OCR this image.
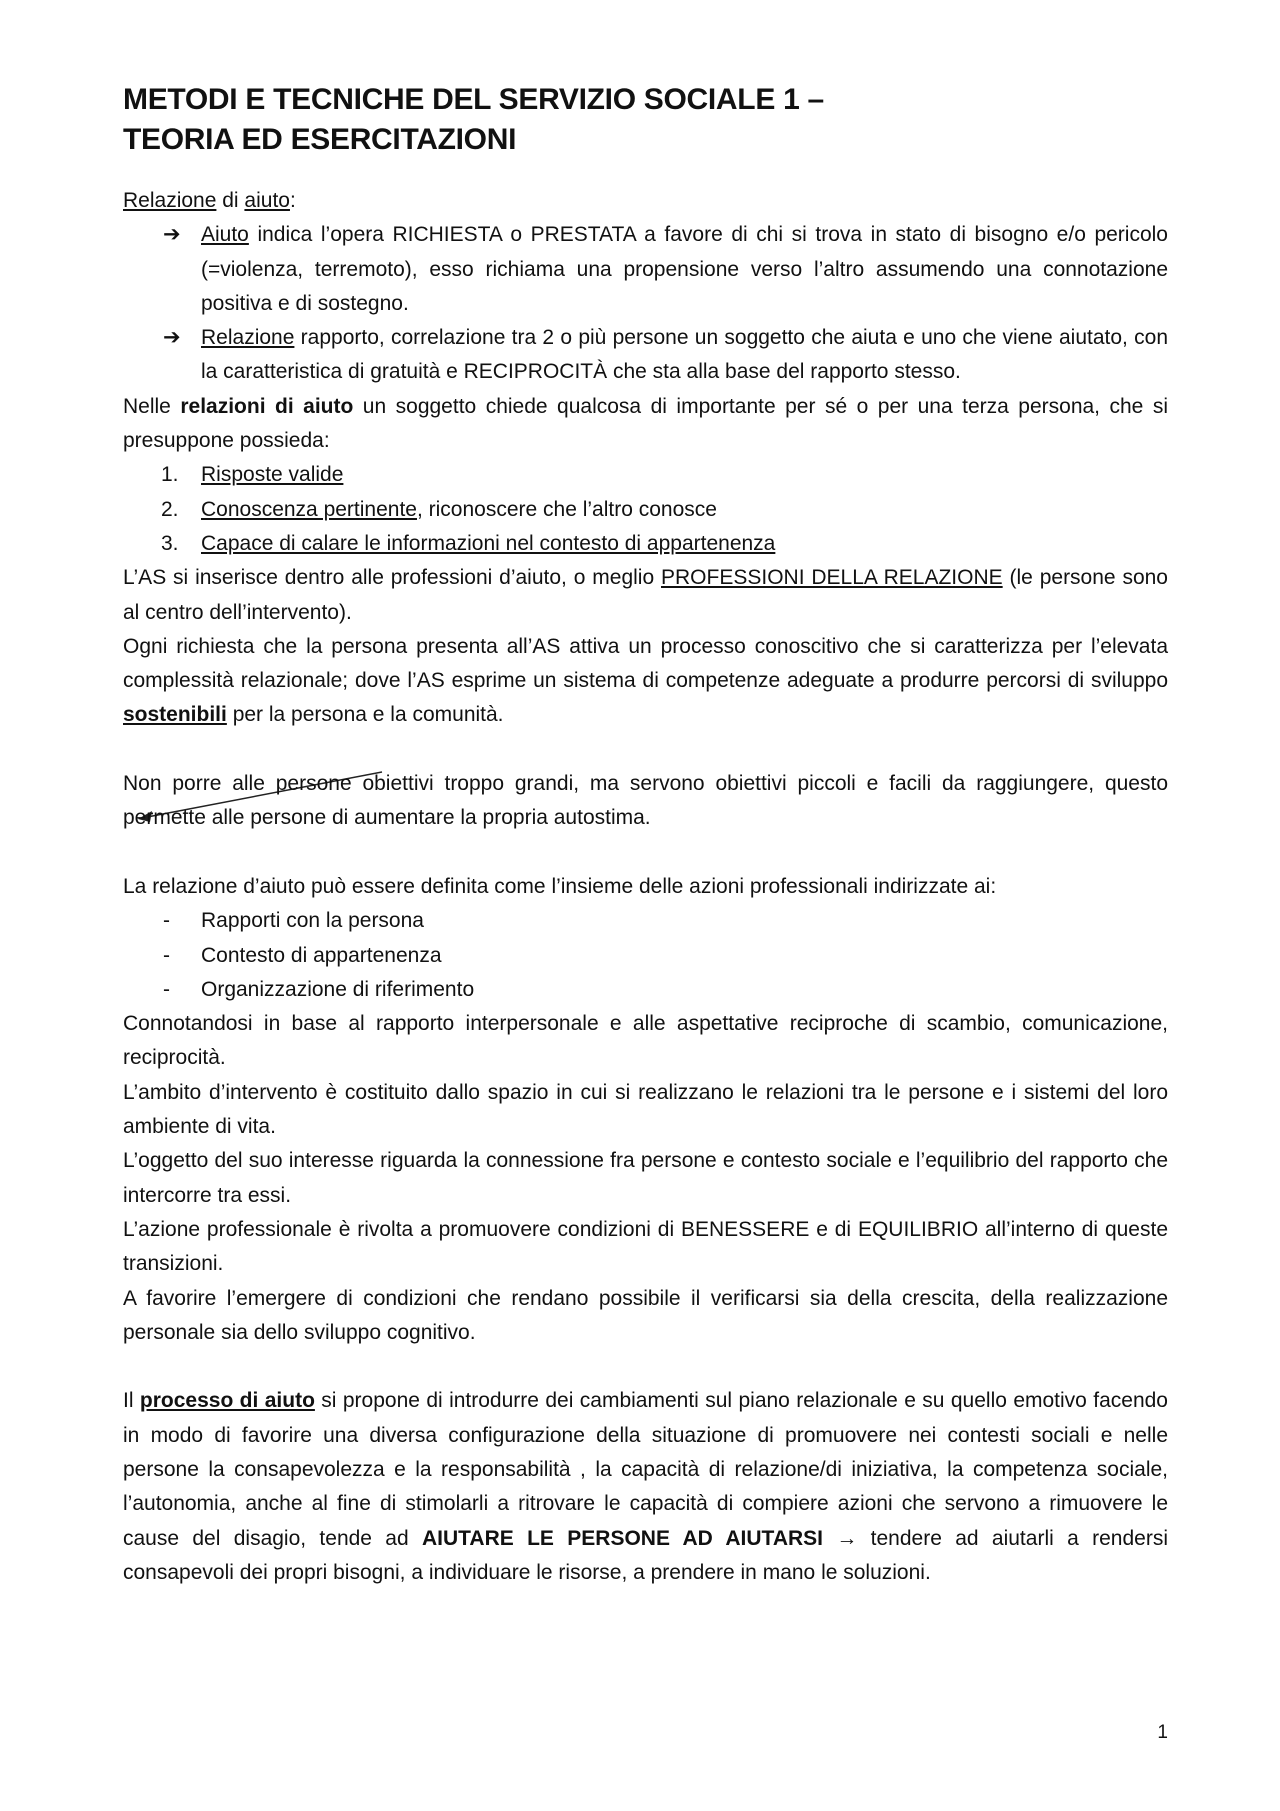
METODI E TECNICHE DEL SERVIZIO SOCIALE 1 –
TEORIA ED ESERCITAZIONI

Relazione di aiuto:

➔ Aiuto indica l’opera RICHIESTA o PRESTATA a favore di chi si trova in stato di bisogno e/o pericolo (=violenza, terremoto), esso richiama una propensione verso l’altro assumendo una connotazione positiva e di sostegno.
➔ Relazione rapporto, correlazione tra 2 o più persone un soggetto che aiuta e uno che viene aiutato, con la caratteristica di gratuità e RECIPROCITÀ che sta alla base del rapporto stesso.

Nelle relazioni di aiuto un soggetto chiede qualcosa di importante per sé o per una terza persona, che si presuppone possieda:

1. Risposte valide
2. Conoscenza pertinente, riconoscere che l’altro conosce
3. Capace di calare le informazioni nel contesto di appartenenza

L’AS si inserisce dentro alle professioni d’aiuto, o meglio PROFESSIONI DELLA RELAZIONE (le persone sono al centro dell’intervento).

Ogni richiesta che la persona presenta all’AS attiva un processo conoscitivo che si caratterizza per l’elevata complessità relazionale; dove l’AS esprime un sistema di competenze adeguate a produrre percorsi di sviluppo sostenibili per la persona e la comunità.

Non porre alle persone obiettivi troppo grandi, ma servono obiettivi piccoli e facili da raggiungere, questo permette alle persone di aumentare la propria autostima.

La relazione d’aiuto può essere definita come l’insieme delle azioni professionali indirizzate ai:

- Rapporti con la persona
- Contesto di appartenenza
- Organizzazione di riferimento

Connotandosi in base al rapporto interpersonale e alle aspettative reciproche di scambio, comunicazione, reciprocità.

L’ambito d’intervento è costituito dallo spazio in cui si realizzano le relazioni tra le persone e i sistemi del loro ambiente di vita.

L’oggetto del suo interesse riguarda la connessione fra persone e contesto sociale e l’equilibrio del rapporto che intercorre tra essi.

L’azione professionale è rivolta a promuovere condizioni di BENESSERE e di EQUILIBRIO all’interno di queste transizioni.

A favorire l’emergere di condizioni che rendano possibile il verificarsi sia della crescita, della realizzazione personale sia dello sviluppo cognitivo.

Il processo di aiuto si propone di introdurre dei cambiamenti sul piano relazionale e su quello emotivo facendo in modo di favorire una diversa configurazione della situazione di promuovere nei contesti sociali e nelle persone la consapevolezza e la responsabilità , la capacità di relazione/di iniziativa, la competenza sociale, l’autonomia, anche al fine di stimolarli a ritrovare le capacità di compiere azioni che servono a rimuovere le cause del disagio, tende ad AIUTARE LE PERSONE AD AIUTARSI → tendere ad aiutarli a rendersi consapevoli dei propri bisogni, a individuare le risorse, a prendere in mano le soluzioni.

1
